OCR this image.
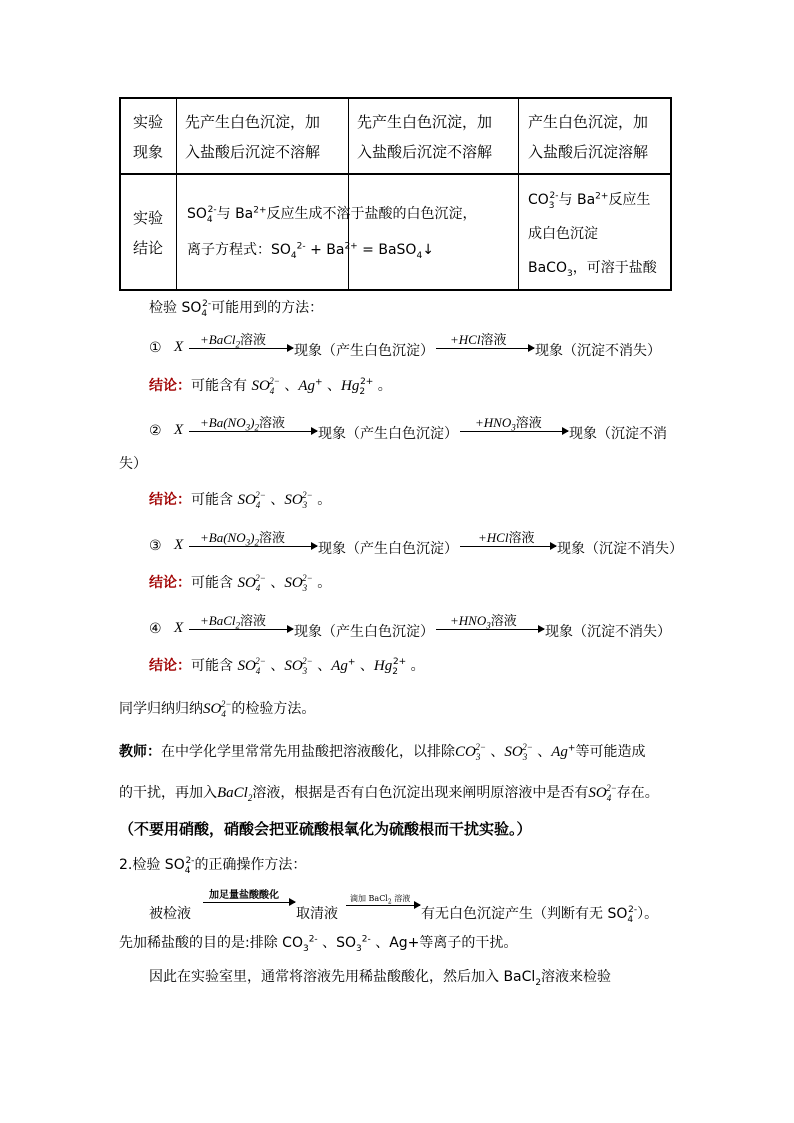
实验
现象
先产生白色沉淀，加
入盐酸后沉淀不溶解
先产生白色沉淀，加
入盐酸后沉淀不溶解
产生白色沉淀，加
入盐酸后沉淀溶解
实验
结论
$SO_4^{2-}$与 $Ba^{2+}$反应生成不溶于盐酸的白色沉淀，
离子方程式：$SO_4^{2-} + Ba^{2+}$ = BaSO$_4$↓
$CO_3^{2-}$与 $Ba^{2+}$反应生
成白色沉淀
BaCO$_3$，可溶于盐酸
检验 $SO_4^{2-}$可能用到的方法：
① X +BaCl$_2$溶液
现象（产生白色沉淀）
+HCl溶液
现象（沉淀不消失）
结论：可能含有 $SO_4^{2-}$ 、Ag+ 、$Hg_2^{2+}$ 。
② $X +Ba(NO_3)_2$溶液
现象（产生白色沉淀）
$+HNO_3$溶液
现象（沉淀不消
失）
结论：可能含 $SO_4^{2-}$ 、$SO_3^{2-}$ 。
③ $X +Ba(NO_3)_2$溶液
现象（产生白色沉淀）
+HCl溶液
现象（沉淀不消失）
结论：可能含 $SO_4^{2-}$ 、$SO_3^{2-}$ 。
④ X +BaCl$_2$溶液
现象（产生白色沉淀）
$+HNO_3$溶液
现象（沉淀不消失）
结论：可能含 $SO_4^{2-}$ 、$SO_3^{2-}$ 、Ag+ 、$Hg_2^{2+}$ 。
同学归纳归纳$SO_4^{2-}$的检验方法。
教师：在中学化学里常常先用盐酸把溶液酸化，以排除$CO_3^{2-}$ 、$SO_3^{2-}$ 、Ag+等可能造成
的干扰，再加入BaCl$_2$溶液，根据是否有白色沉淀出现来阐明原溶液中是否有$SO_4^{2-}$存在。
（不要用硝酸，硝酸会把亚硫酸根氧化为硫酸根而干扰实验。）
2.检验 $SO_4^{2-}$的正确操作方法：
被检液
加足量盐酸酸化
取清液
滴加 BaCl$_2$ 溶液
有无白色沉淀产生（判断有无 $SO_4^{2-}$）。
先加稀盐酸的目的是:排除 $CO_3^{2-}$ 、$SO_3^{2-}$ 、Ag+等离子的干扰。
因此在实验室里，通常将溶液先用稀盐酸酸化，然后加入 BaCl$_2$溶液来检验
